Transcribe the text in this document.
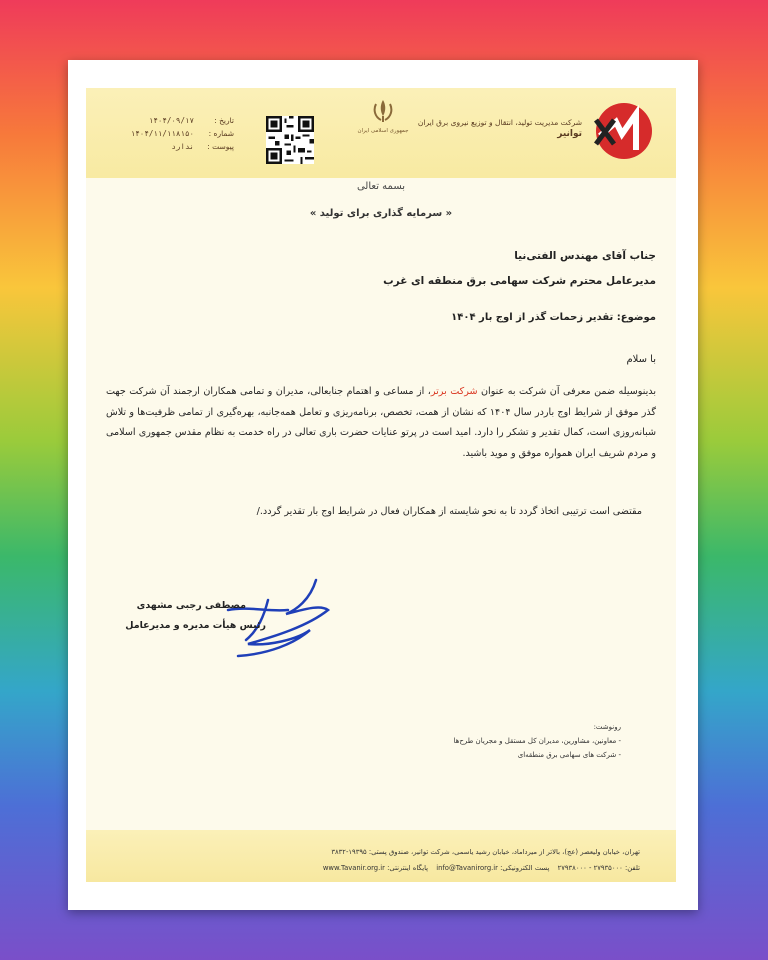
شرکت مدیریت تولید، انتقال و توزیع نیروی برق ایران
توانیر
جمهوری اسلامی ایران
تاریخ :
۱۴۰۴/۰۹/۱۷
شماره :
۱۴۰۴/۱۱/۱۱۸۱۵۰
پیوست :
ندارد
بسمه تعالی
« سرمایه گذاری برای تولید »
جناب آقای مهندس الفتی‌نیا
مدیرعامل محترم شرکت سهامی برق منطقه ای غرب
موضوع: تقدیر زحمات گذر از اوج بار ۱۴۰۴
با سلام
بدینوسیله ضمن معرفی آن شرکت به عنوان شرکت برتر، از مساعی و اهتمام جنابعالی، مدیران و تمامی همکاران ارجمند آن شرکت جهت گذر موفق از شرایط اوج باردر سال ۱۴۰۴ که نشان از همت، تخصص، برنامه‌ریزی و تعامل همه‌جانبه، بهره‌گیری از تمامی ظرفیت‌ها و تلاش شبانه‌روزی است، کمال تقدیر و تشکر را دارد. امید است در پرتو عنایات حضرت باری تعالی در راه خدمت به نظام مقدس جمهوری اسلامی و مردم شریف ایران همواره موفق و موید باشید.
مقتضی است ترتیبی اتخاذ گردد تا به نحو شایسته از همکاران فعال در شرایط اوج بار تقدیر گردد./
مصطفی رجبی مشهدی
رئیس هیأت مدیره و مدیرعامل
رونوشت:
- معاونین، مشاورین، مدیران کل مستقل و مجریان طرح‌ها
- شرکت های سهامی برق منطقه‌ای
تهران، خیابان ولیعصر (عج)، بالاتر از میرداماد، خیابان رشید یاسمی، شرکت توانیر، صندوق پستی: ۱۹۳۹۵-۳۸۳۲
تلفن: ۲۷۹۳۵۰۰۰ - ۲۷۹۳۸۰۰۰ پست الکترونیکی: info@Tavanirorg.ir پایگاه اینترنتی: www.Tavanir.org.ir
